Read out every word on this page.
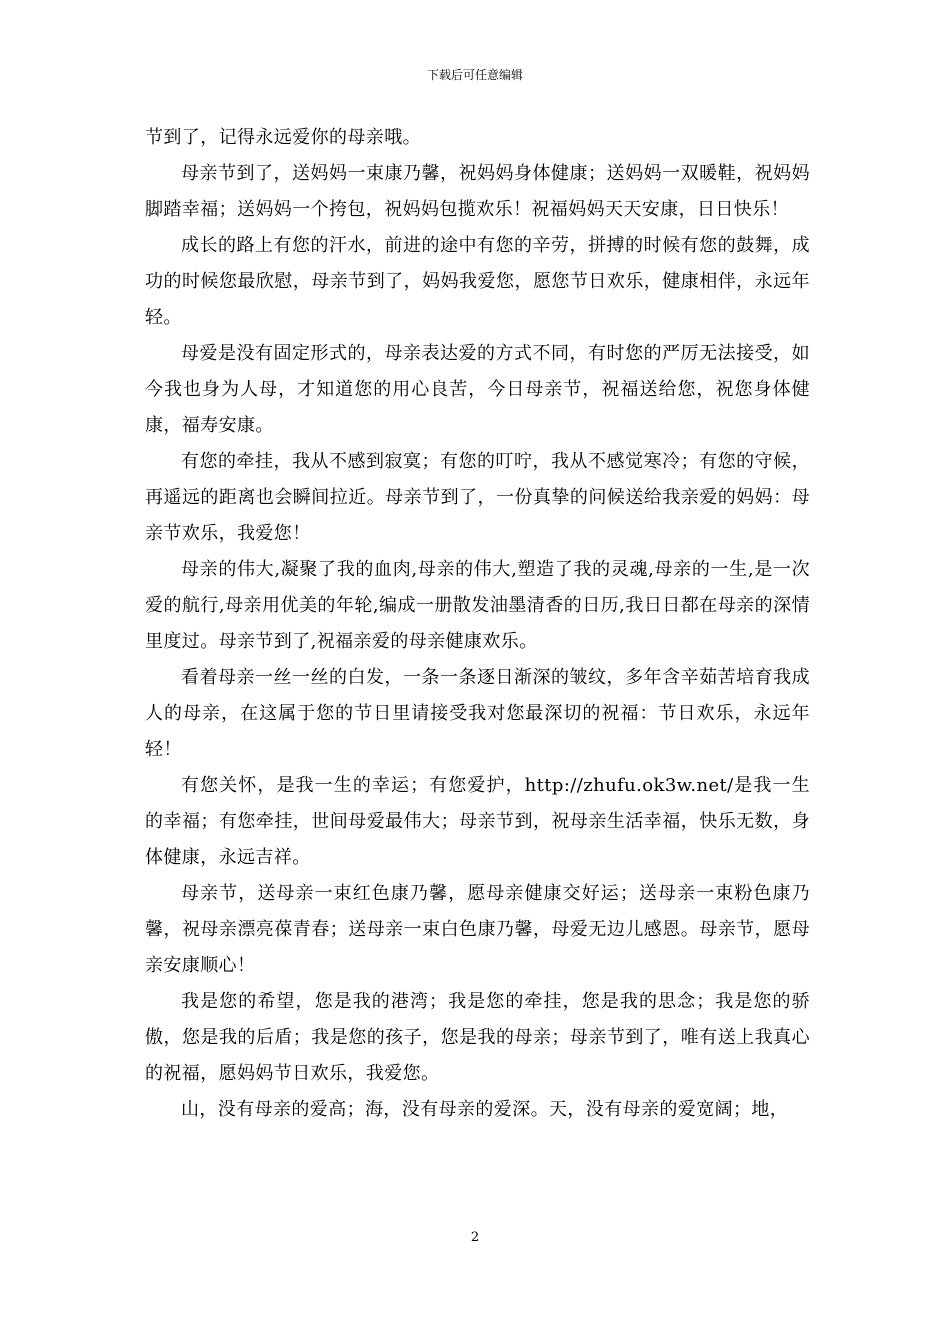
下载后可任意编辑

节到了，记得永远爱你的母亲哦。

母亲节到了，送妈妈一束康乃馨，祝妈妈身体健康；送妈妈一双暖鞋，祝妈妈脚踏幸福；送妈妈一个挎包，祝妈妈包揽欢乐！祝福妈妈天天安康，日日快乐！

成长的路上有您的汗水，前进的途中有您的辛劳，拼搏的时候有您的鼓舞，成功的时候您最欣慰，母亲节到了，妈妈我爱您，愿您节日欢乐，健康相伴，永远年轻。

母爱是没有固定形式的，母亲表达爱的方式不同，有时您的严厉无法接受，如今我也身为人母，才知道您的用心良苦，今日母亲节，祝福送给您，祝您身体健康，福寿安康。

有您的牵挂，我从不感到寂寞；有您的叮咛，我从不感觉寒冷；有您的守候，再遥远的距离也会瞬间拉近。母亲节到了，一份真挚的问候送给我亲爱的妈妈：母亲节欢乐，我爱您！

母亲的伟大,凝聚了我的血肉,母亲的伟大,塑造了我的灵魂,母亲的一生,是一次爱的航行,母亲用优美的年轮,编成一册散发油墨清香的日历,我日日都在母亲的深情里度过。母亲节到了,祝福亲爱的母亲健康欢乐。

看着母亲一丝一丝的白发，一条一条逐日渐深的皱纹，多年含辛茹苦培育我成人的母亲，在这属于您的节日里请接受我对您最深切的祝福：节日欢乐，永远年轻！

有您关怀，是我一生的幸运；有您爱护，http://zhufu.ok3w.net/是我一生的幸福；有您牵挂，世间母爱最伟大；母亲节到，祝母亲生活幸福，快乐无数，身体健康，永远吉祥。

母亲节，送母亲一束红色康乃馨，愿母亲健康交好运；送母亲一束粉色康乃馨，祝母亲漂亮葆青春；送母亲一束白色康乃馨，母爱无边儿感恩。母亲节，愿母亲安康顺心！

我是您的希望，您是我的港湾；我是您的牵挂，您是我的思念；我是您的骄傲，您是我的后盾；我是您的孩子，您是我的母亲；母亲节到了，唯有送上我真心的祝福，愿妈妈节日欢乐，我爱您。

山，没有母亲的爱高；海，没有母亲的爱深。天，没有母亲的爱宽阔；地，

2
